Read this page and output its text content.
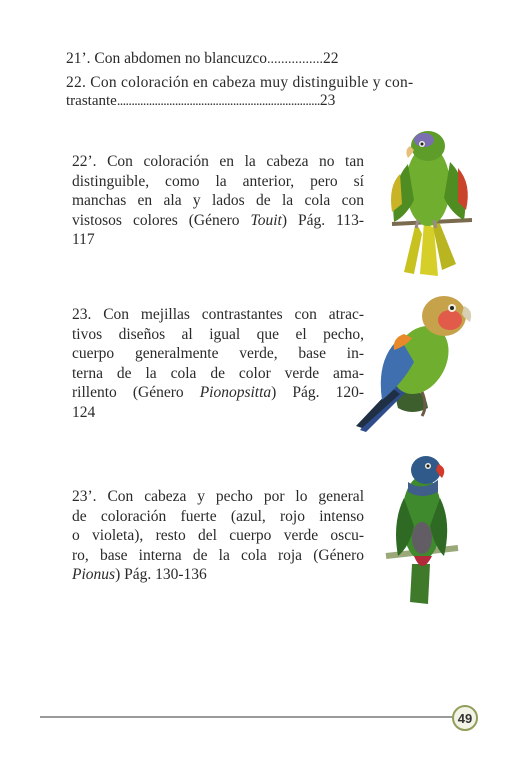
21’. Con abdomen no blancuzco................22
22. Con coloración en cabeza muy distinguible y con-
trastante......................................................................23
22’. Con coloración en la cabeza no tan
distinguible, como la anterior, pero sí
manchas en ala y lados de la cola con
vistosos colores (Género Touit) Pág. 113-
117
23. Con mejillas contrastantes con atrac-
tivos diseños al igual que el pecho,
cuerpo generalmente verde, base in-
terna de la cola de color verde ama-
rillento (Género Pionopsitta) Pág. 120-
124
23’. Con cabeza y pecho por lo general
de coloración fuerte (azul, rojo intenso
o violeta), resto del cuerpo verde oscu-
ro, base interna de la cola roja (Género
Pionus) Pág. 130-136
49
